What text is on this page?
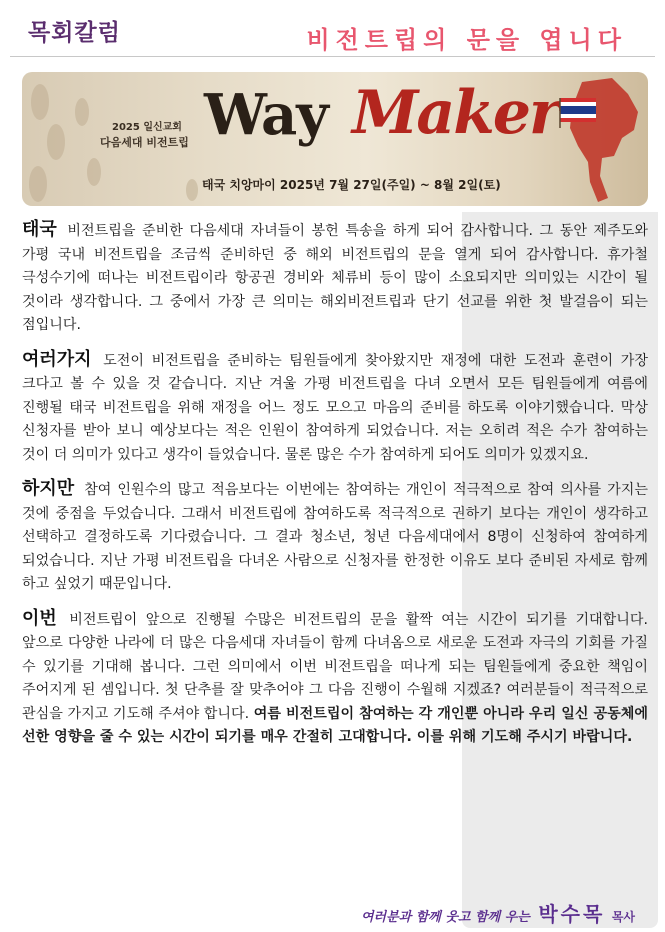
목회칼럼	비전트립의 문을 엽니다
2025 일신교회
다음세대 비전트립 Way Maker
태국 치앙마이 2025년 7월 27일(주일) ~ 8월 2일(토)

태국 비전트립을 준비한 다음세대 자녀들이 봉헌 특송을 하게 되어 감사합니다. 그 동안 제주도와 가평 국내 비전트립을 조금씩 준비하던 중 해외 비전트립의 문을 열게 되어 감사합니다. 휴가철 극성수기에 떠나는 비전트립이라 항공권 경비와 체류비 등이 많이 소요되지만 의미있는 시간이 될 것이라 생각합니다. 그 중에서 가장 큰 의미는 해외비전트립과 단기 선교를 위한 첫 발걸음이 되는 점입니다.

여러가지 도전이 비전트립을 준비하는 팀원들에게 찾아왔지만 재정에 대한 도전과 훈련이 가장 크다고 볼 수 있을 것 같습니다. 지난 겨울 가평 비전트립을 다녀 오면서 모든 팀원들에게 여름에 진행될 태국 비전트립을 위해 재정을 어느 정도 모으고 마음의 준비를 하도록 이야기했습니다. 막상 신청자를 받아 보니 예상보다는 적은 인원이 참여하게 되었습니다. 저는 오히려 적은 수가 참여하는 것이 더 의미가 있다고 생각이 들었습니다. 물론 많은 수가 참여하게 되어도 의미가 있겠지요.

하지만 참여 인원수의 많고 적음보다는 이번에는 참여하는 개인이 적극적으로 참여 의사를 가지는 것에 중점을 두었습니다. 그래서 비전트립에 참여하도록 적극적으로 권하기 보다는 개인이 생각하고 선택하고 결정하도록 기다렸습니다. 그 결과 청소년, 청년 다음세대에서 8명이 신청하여 참여하게 되었습니다. 지난 가평 비전트립을 다녀온 사람으로 신청자를 한정한 이유도 보다 준비된 자세로 함께 하고 싶었기 때문입니다.

이번 비전트립이 앞으로 진행될 수많은 비전트립의 문을 활짝 여는 시간이 되기를 기대합니다. 앞으로 다양한 나라에 더 많은 다음세대 자녀들이 함께 다녀옴으로 새로운 도전과 자극의 기회를 가질 수 있기를 기대해 봅니다. 그런 의미에서 이번 비전트립을 떠나게 되는 팀원들에게 중요한 책임이 주어지게 된 셈입니다. 첫 단추를 잘 맞추어야 그 다음 진행이 수월해 지겠죠? 여러분들이 적극적으로 관심을 가지고 기도해 주셔야 합니다. 여름 비전트립이 참여하는 각 개인뿐 아니라 우리 일신 공동체에 선한 영향을 줄 수 있는 시간이 되기를 매우 간절히 고대합니다. 이를 위해 기도해 주시기 바랍니다.

여러분과 함께 웃고 함께 우는 박수목 목사
